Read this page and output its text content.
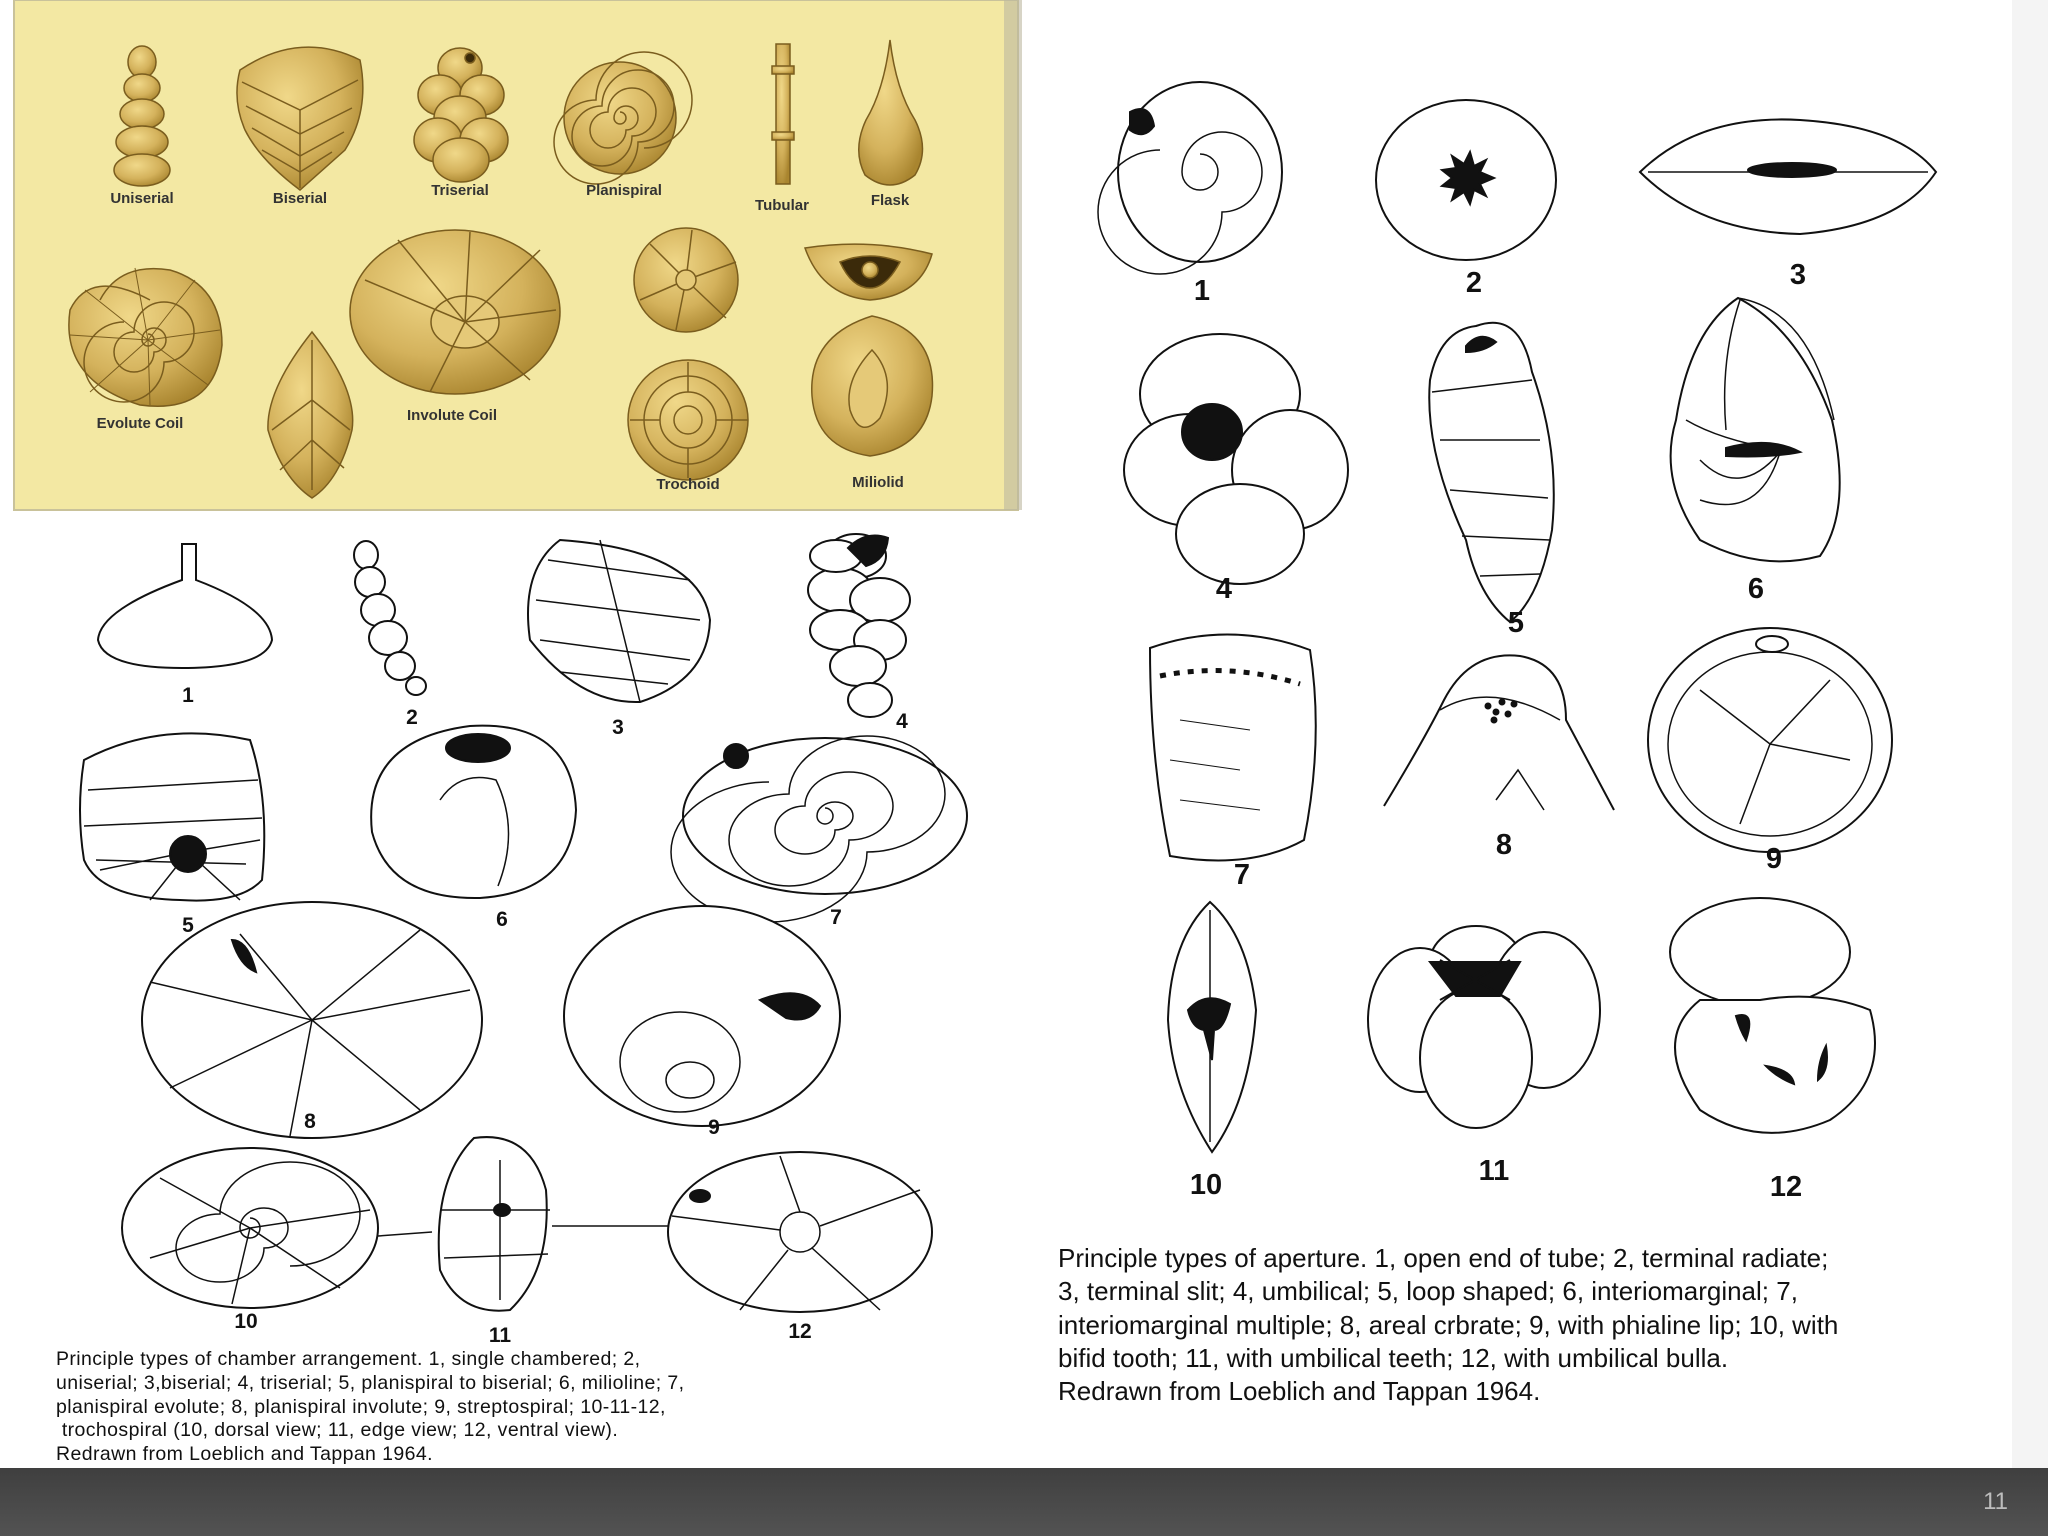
Uniserial	Biserial	Triserial	Planispiral
Tubular	Flask
Evolute Coil	Involute Coil
Trochoid	Miliolid
1
2	3	4
5	6	7
8	9
10
11	12
1	2	3
4
5
6
7
8	9
10	11	12
Principle types of chamber arrangement. 1, single chambered; 2,
uniserial; 3,biserial; 4, triserial; 5, planispiral to biserial; 6, milioline; 7,
planispiral evolute; 8, planispiral involute; 9, streptospiral; 10-11-12,
trochospiral (10, dorsal view; 11, edge view; 12, ventral view).
Redrawn from Loeblich and Tappan 1964.
Principle types of aperture. 1, open end of tube; 2, terminal radiate;
3, terminal slit; 4, umbilical; 5, loop shaped; 6, interiomarginal; 7,
interiomarginal multiple; 8, areal crbrate; 9, with phialine lip; 10, with
bifid tooth; 11, with umbilical teeth; 12, with umbilical bulla.
Redrawn from Loeblich and Tappan 1964.
11
